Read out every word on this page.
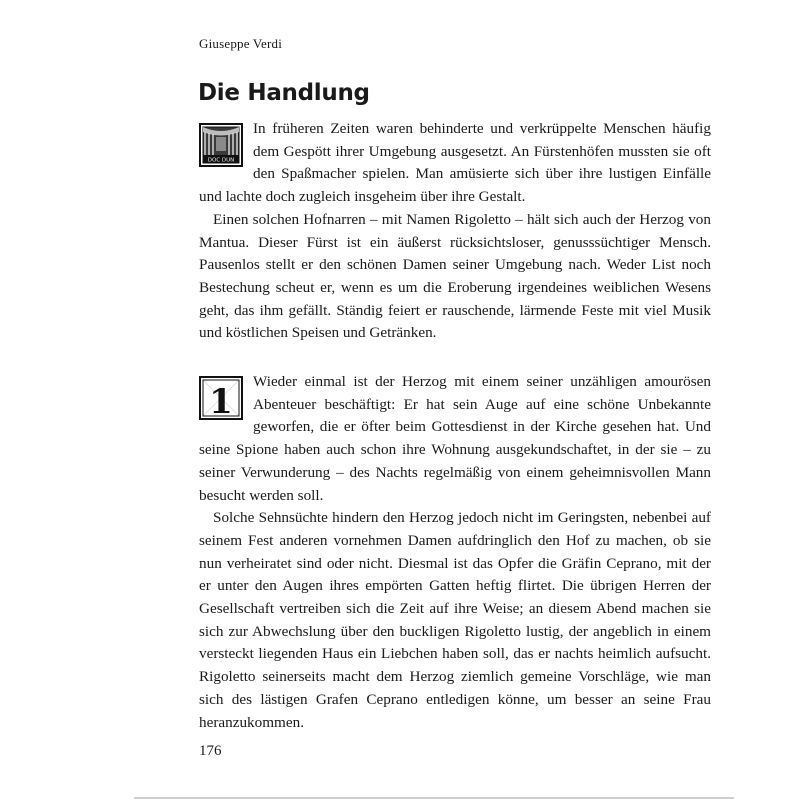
Giuseppe Verdi
Die Handlung
DOC DUN

In früheren Zeiten waren behinderte und verkrüppelte Menschen häufig dem Gespött ihrer Umgebung ausgesetzt. An Fürstenhöfen mussten sie oft den Spaßmacher spielen. Man amüsierte sich über ihre lustigen Einfälle und lachte doch zugleich insgeheim über ihre Gestalt.

Einen solchen Hofnarren – mit Namen Rigoletto – hält sich auch der Herzog von Mantua. Dieser Fürst ist ein äußerst rücksichtsloser, genusssüchtiger Mensch. Pausenlos stellt er den schönen Damen seiner Umgebung nach. Weder List noch Bestechung scheut er, wenn es um die Eroberung irgendeines weiblichen Wesens geht, das ihm gefällt. Ständig feiert er rauschende, lärmende Feste mit viel Musik und köstlichen Speisen und Getränken.

1

Wieder einmal ist der Herzog mit einem seiner unzähligen amourösen Abenteuer beschäftigt: Er hat sein Auge auf eine schöne Unbekannte geworfen, die er öfter beim Gottesdienst in der Kirche gesehen hat. Und seine Spione haben auch schon ihre Wohnung ausgekundschaftet, in der sie – zu seiner Verwunderung – des Nachts regelmäßig von einem geheimnisvollen Mann besucht werden soll.

Solche Sehnsüchte hindern den Herzog jedoch nicht im Geringsten, nebenbei auf seinem Fest anderen vornehmen Damen aufdringlich den Hof zu machen, ob sie nun verheiratet sind oder nicht. Diesmal ist das Opfer die Gräfin Ceprano, mit der er unter den Augen ihres empörten Gatten heftig flirtet. Die übrigen Herren der Gesellschaft vertreiben sich die Zeit auf ihre Weise; an diesem Abend machen sie sich zur Abwechslung über den buckligen Rigoletto lustig, der angeblich in einem versteckt liegenden Haus ein Liebchen haben soll, das er nachts heimlich aufsucht. Rigoletto seinerseits macht dem Herzog ziemlich gemeine Vorschläge, wie man sich des lästigen Grafen Ceprano entledigen könne, um besser an seine Frau heranzukommen.

176
